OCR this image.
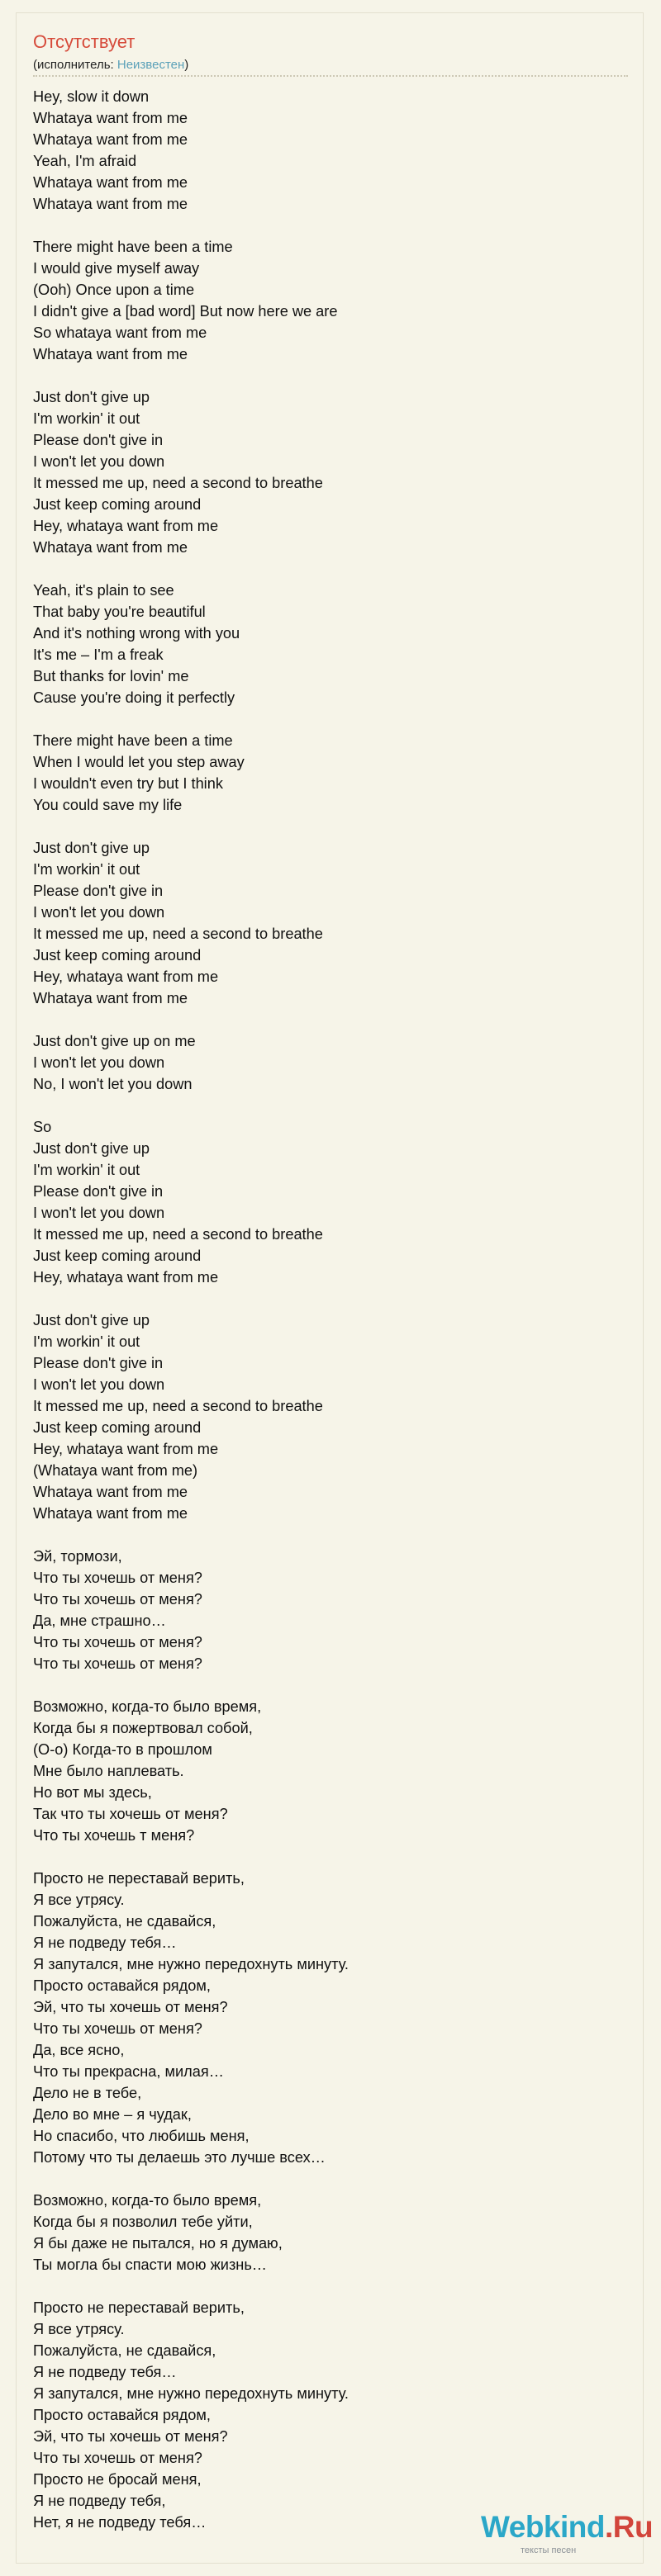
Отсутствует
(исполнитель: Неизвестен)
Hey, slow it down
Whataya want from me
Whataya want from me
Yeah, I'm afraid
Whataya want from me
Whataya want from me
There might have been a time
I would give myself away
(Ooh) Once upon a time
I didn't give a [bad word] But now here we are
So whataya want from me
Whataya want from me
Just don't give up
I'm workin' it out
Please don't give in
I won't let you down
It messed me up, need a second to breathe
Just keep coming around
Hey, whataya want from me
Whataya want from me
Yeah, it's plain to see
That baby you're beautiful
And it's nothing wrong with you
It's me – I'm a freak
But thanks for lovin' me
Cause you're doing it perfectly
There might have been a time
When I would let you step away
I wouldn't even try but I think
You could save my life
Just don't give up
I'm workin' it out
Please don't give in
I won't let you down
It messed me up, need a second to breathe
Just keep coming around
Hey, whataya want from me
Whataya want from me
Just don't give up on me
I won't let you down
No, I won't let you down
So
Just don't give up
I'm workin' it out
Please don't give in
I won't let you down
It messed me up, need a second to breathe
Just keep coming around
Hey, whataya want from me
Just don't give up
I'm workin' it out
Please don't give in
I won't let you down
It messed me up, need a second to breathe
Just keep coming around
Hey, whataya want from me
(Whataya want from me)
Whataya want from me
Whataya want from me
Эй, тормози,
Что ты хочешь от меня?
Что ты хочешь от меня?
Да, мне страшно…
Что ты хочешь от меня?
Что ты хочешь от меня?
Возможно, когда-то было время,
Когда бы я пожертвовал собой,
(О-о) Когда-то в прошлом
Мне было наплевать.
Но вот мы здесь,
Так что ты хочешь от меня?
Что ты хочешь т меня?
Просто не переставай верить,
Я все утрясу.
Пожалуйста, не сдавайся,
Я не подведу тебя…
Я запутался, мне нужно передохнуть минуту.
Просто оставайся рядом,
Эй, что ты хочешь от меня?
Что ты хочешь от меня?
Да, все ясно,
Что ты прекрасна, милая…
Дело не в тебе,
Дело во мне – я чудак,
Но спасибо, что любишь меня,
Потому что ты делаешь это лучше всех…
Возможно, когда-то было время,
Когда бы я позволил тебе уйти,
Я бы даже не пытался, но я думаю,
Ты могла бы спасти мою жизнь…
Просто не переставай верить,
Я все утрясу.
Пожалуйста, не сдавайся,
Я не подведу тебя…
Я запутался, мне нужно передохнуть минуту.
Просто оставайся рядом,
Эй, что ты хочешь от меня?
Что ты хочешь от меня?
Просто не бросай меня,
Я не подведу тебя,
Нет, я не подведу тебя…	Webkind.Ru
тексты песен
